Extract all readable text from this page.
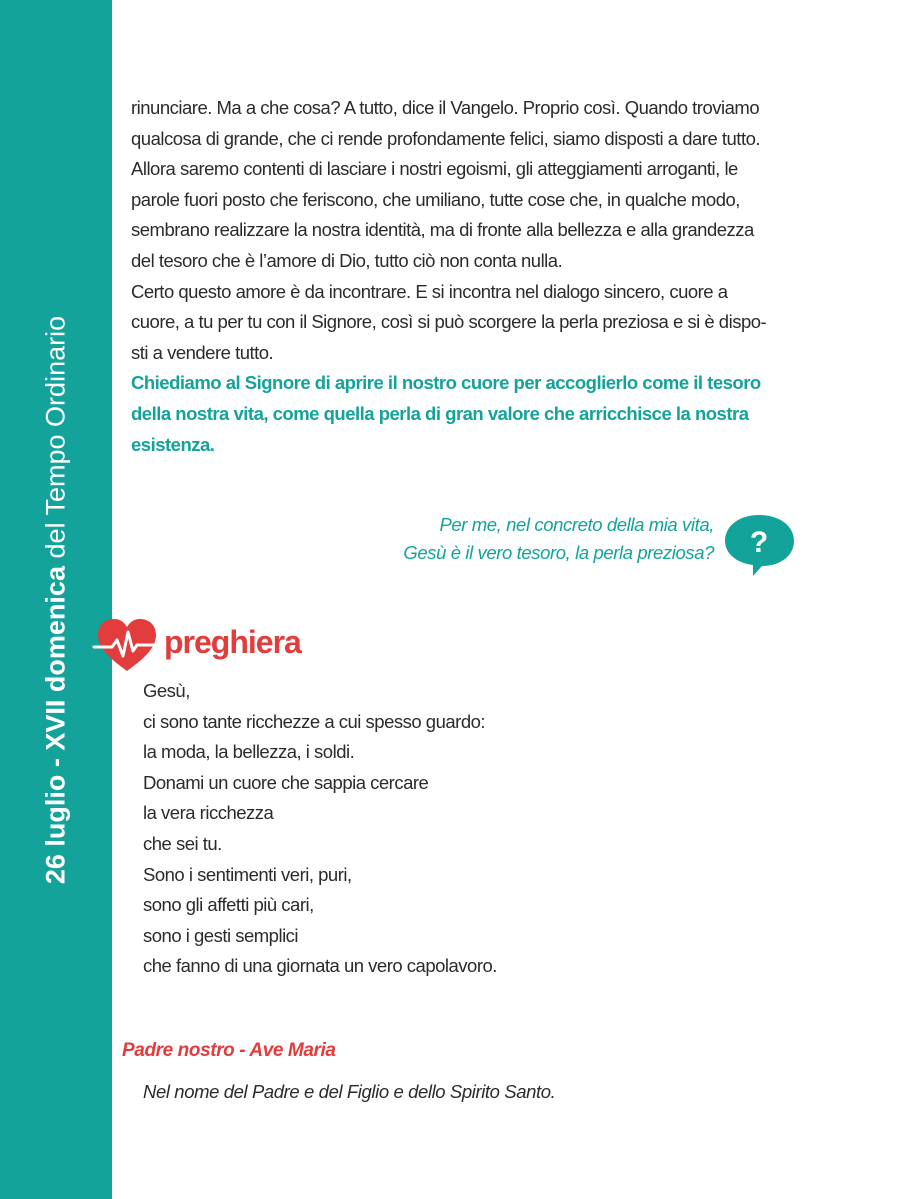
26 luglio - XVII domenica del Tempo Ordinario
rinunciare. Ma a che cosa? A tutto, dice il Vangelo. Proprio così. Quando troviamo
qualcosa di grande, che ci rende profondamente felici, siamo disposti a dare tutto.
Allora saremo contenti di lasciare i nostri egoismi, gli atteggiamenti arroganti, le
parole fuori posto che feriscono, che umiliano, tutte cose che, in qualche modo,
sembrano realizzare la nostra identità, ma di fronte alla bellezza e alla grandezza
del tesoro che è l’amore di Dio, tutto ciò non conta nulla.
Certo questo amore è da incontrare. E si incontra nel dialogo sincero, cuore a
cuore, a tu per tu con il Signore, così si può scorgere la perla preziosa e si è dispo-
sti a vendere tutto.
Chiediamo al Signore di aprire il nostro cuore per accoglierlo come il tesoro
della nostra vita, come quella perla di gran valore che arricchisce la nostra
esistenza.
Per me, nel concreto della mia vita,
Gesù è il vero tesoro, la perla preziosa? ?
preghiera
Gesù,
ci sono tante ricchezze a cui spesso guardo:
la moda, la bellezza, i soldi.
Donami un cuore che sappia cercare
la vera ricchezza
che sei tu.
Sono i sentimenti veri, puri,
sono gli affetti più cari,
sono i gesti semplici
che fanno di una giornata un vero capolavoro.
Padre nostro - Ave Maria
Nel nome del Padre e del Figlio e dello Spirito Santo.
